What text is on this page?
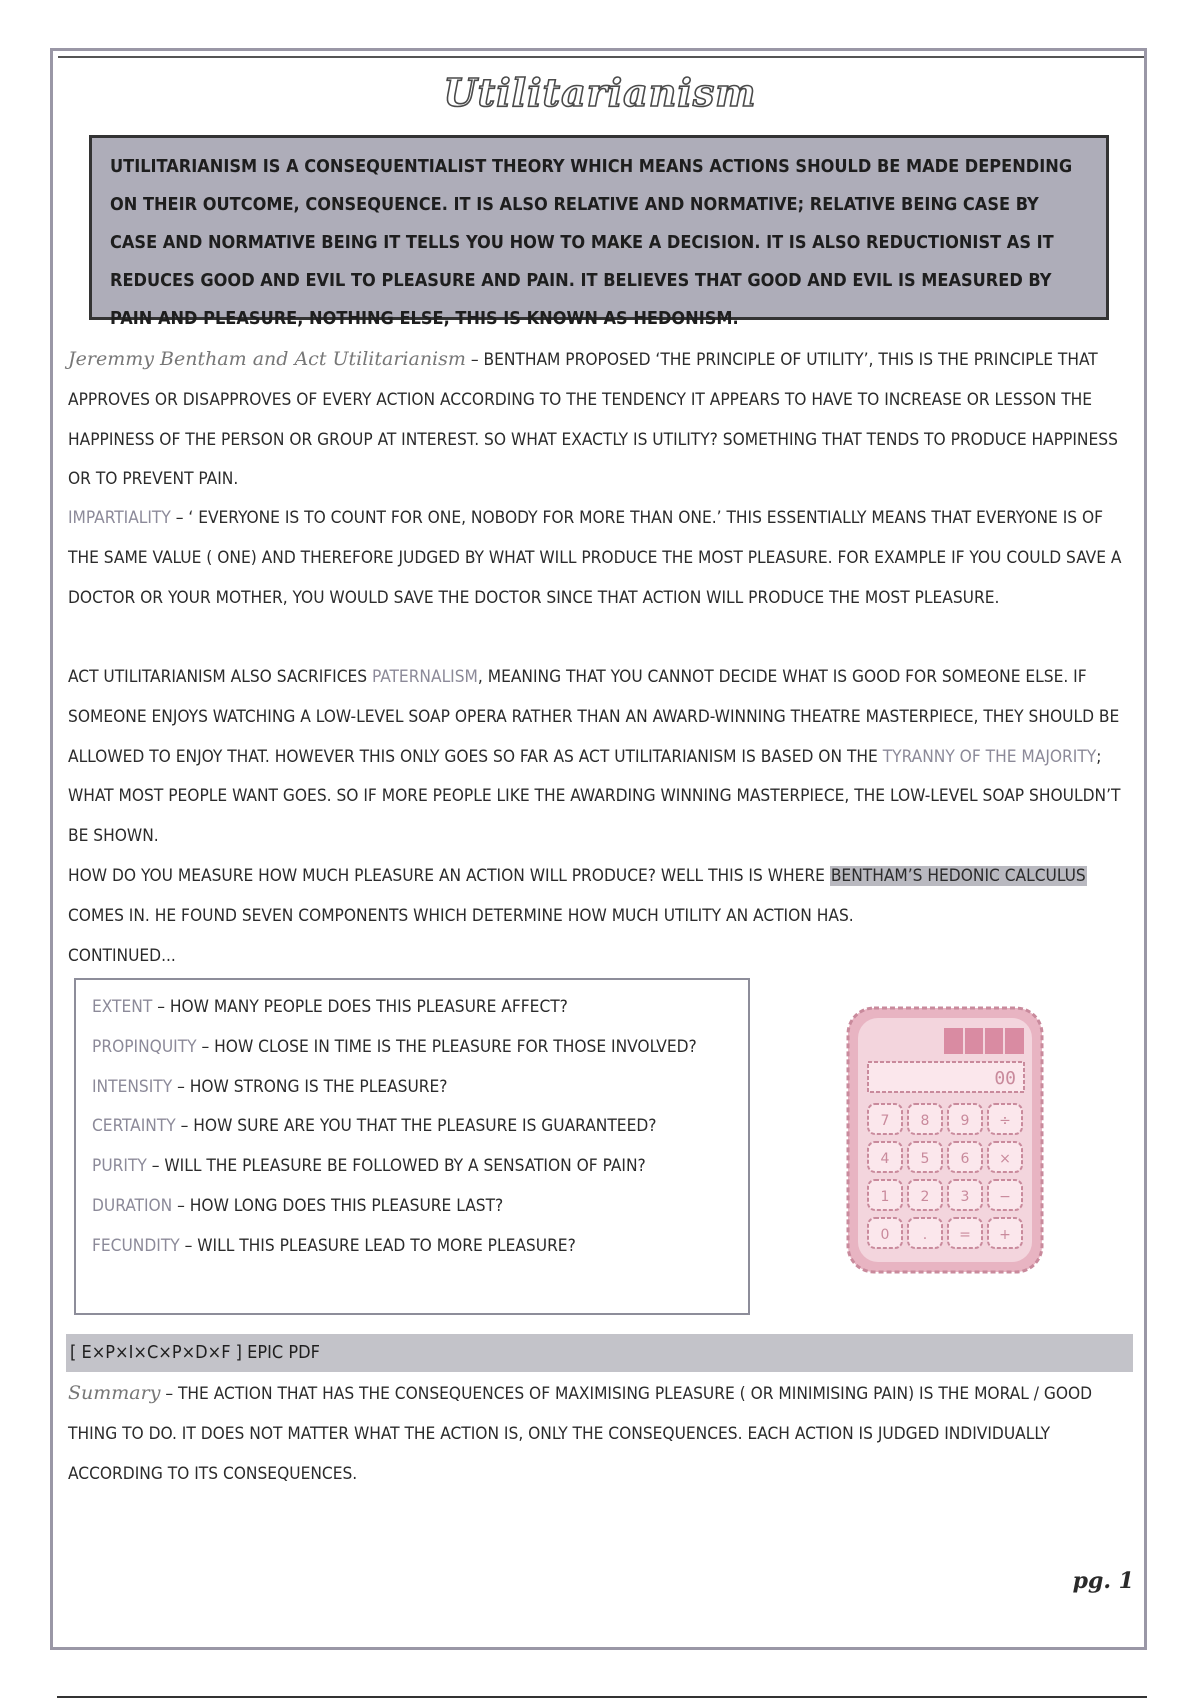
Utilitarianism
UTILITARIANISM IS A CONSEQUENTIALIST THEORY WHICH MEANS ACTIONS SHOULD BE MADE DEPENDING ON THEIR OUTCOME, CONSEQUENCE. IT IS ALSO RELATIVE AND NORMATIVE; RELATIVE BEING CASE BY CASE AND NORMATIVE BEING IT TELLS YOU HOW TO MAKE A DECISION. IT IS ALSO REDUCTIONIST AS IT REDUCES GOOD AND EVIL TO PLEASURE AND PAIN. IT BELIEVES THAT GOOD AND EVIL IS MEASURED BY PAIN AND PLEASURE, NOTHING ELSE, THIS IS KNOWN AS HEDONISM.
Jeremmy Bentham and Act Utilitarianism – BENTHAM PROPOSED ‘THE PRINCIPLE OF UTILITY’, THIS IS THE PRINCIPLE THAT APPROVES OR DISAPPROVES OF EVERY ACTION ACCORDING TO THE TENDENCY IT APPEARS TO HAVE TO INCREASE OR LESSON THE HAPPINESS OF THE PERSON OR GROUP AT INTEREST. SO WHAT EXACTLY IS UTILITY? SOMETHING THAT TENDS TO PRODUCE HAPPINESS OR TO PREVENT PAIN.
IMPARTIALITY – ‘ EVERYONE IS TO COUNT FOR ONE, NOBODY FOR MORE THAN ONE.’ THIS ESSENTIALLY MEANS THAT EVERYONE IS OF THE SAME VALUE ( ONE) AND THEREFORE JUDGED BY WHAT WILL PRODUCE THE MOST PLEASURE. FOR EXAMPLE IF YOU COULD SAVE A DOCTOR OR YOUR MOTHER, YOU WOULD SAVE THE DOCTOR SINCE THAT ACTION WILL PRODUCE THE MOST PLEASURE.
ACT UTILITARIANISM ALSO SACRIFICES PATERNALISM, MEANING THAT YOU CANNOT DECIDE WHAT IS GOOD FOR SOMEONE ELSE. IF SOMEONE ENJOYS WATCHING A LOW-LEVEL SOAP OPERA RATHER THAN AN AWARD-WINNING THEATRE MASTERPIECE, THEY SHOULD BE ALLOWED TO ENJOY THAT. HOWEVER THIS ONLY GOES SO FAR AS ACT UTILITARIANISM IS BASED ON THE TYRANNY OF THE MAJORITY; WHAT MOST PEOPLE WANT GOES. SO IF MORE PEOPLE LIKE THE AWARDING WINNING MASTERPIECE, THE LOW-LEVEL SOAP SHOULDN’T BE SHOWN.
HOW DO YOU MEASURE HOW MUCH PLEASURE AN ACTION WILL PRODUCE? WELL THIS IS WHERE BENTHAM’S HEDONIC CALCULUS COMES IN. HE FOUND SEVEN COMPONENTS WHICH DETERMINE HOW MUCH UTILITY AN ACTION HAS.
CONTINUED...
EXTENT – HOW MANY PEOPLE DOES THIS PLEASURE AFFECT?
PROPINQUITY – HOW CLOSE IN TIME IS THE PLEASURE FOR THOSE INVOLVED?
INTENSITY – HOW STRONG IS THE PLEASURE?
CERTAINTY – HOW SURE ARE YOU THAT THE PLEASURE IS GUARANTEED?
PURITY – WILL THE PLEASURE BE FOLLOWED BY A SENSATION OF PAIN?
DURATION – HOW LONG DOES THIS PLEASURE LAST?
FECUNDITY – WILL THIS PLEASURE LEAD TO MORE PLEASURE?
00
7 8 9 ÷
4 5 6 ×
1 2 3 −
0 . = +
[ E×P×I×C×P×D×F ] EPIC PDF
Summary – THE ACTION THAT HAS THE CONSEQUENCES OF MAXIMISING PLEASURE ( OR MINIMISING PAIN) IS THE MORAL / GOOD THING TO DO. IT DOES NOT MATTER WHAT THE ACTION IS, ONLY THE CONSEQUENCES. EACH ACTION IS JUDGED INDIVIDUALLY ACCORDING TO ITS CONSEQUENCES.
pg. 1
